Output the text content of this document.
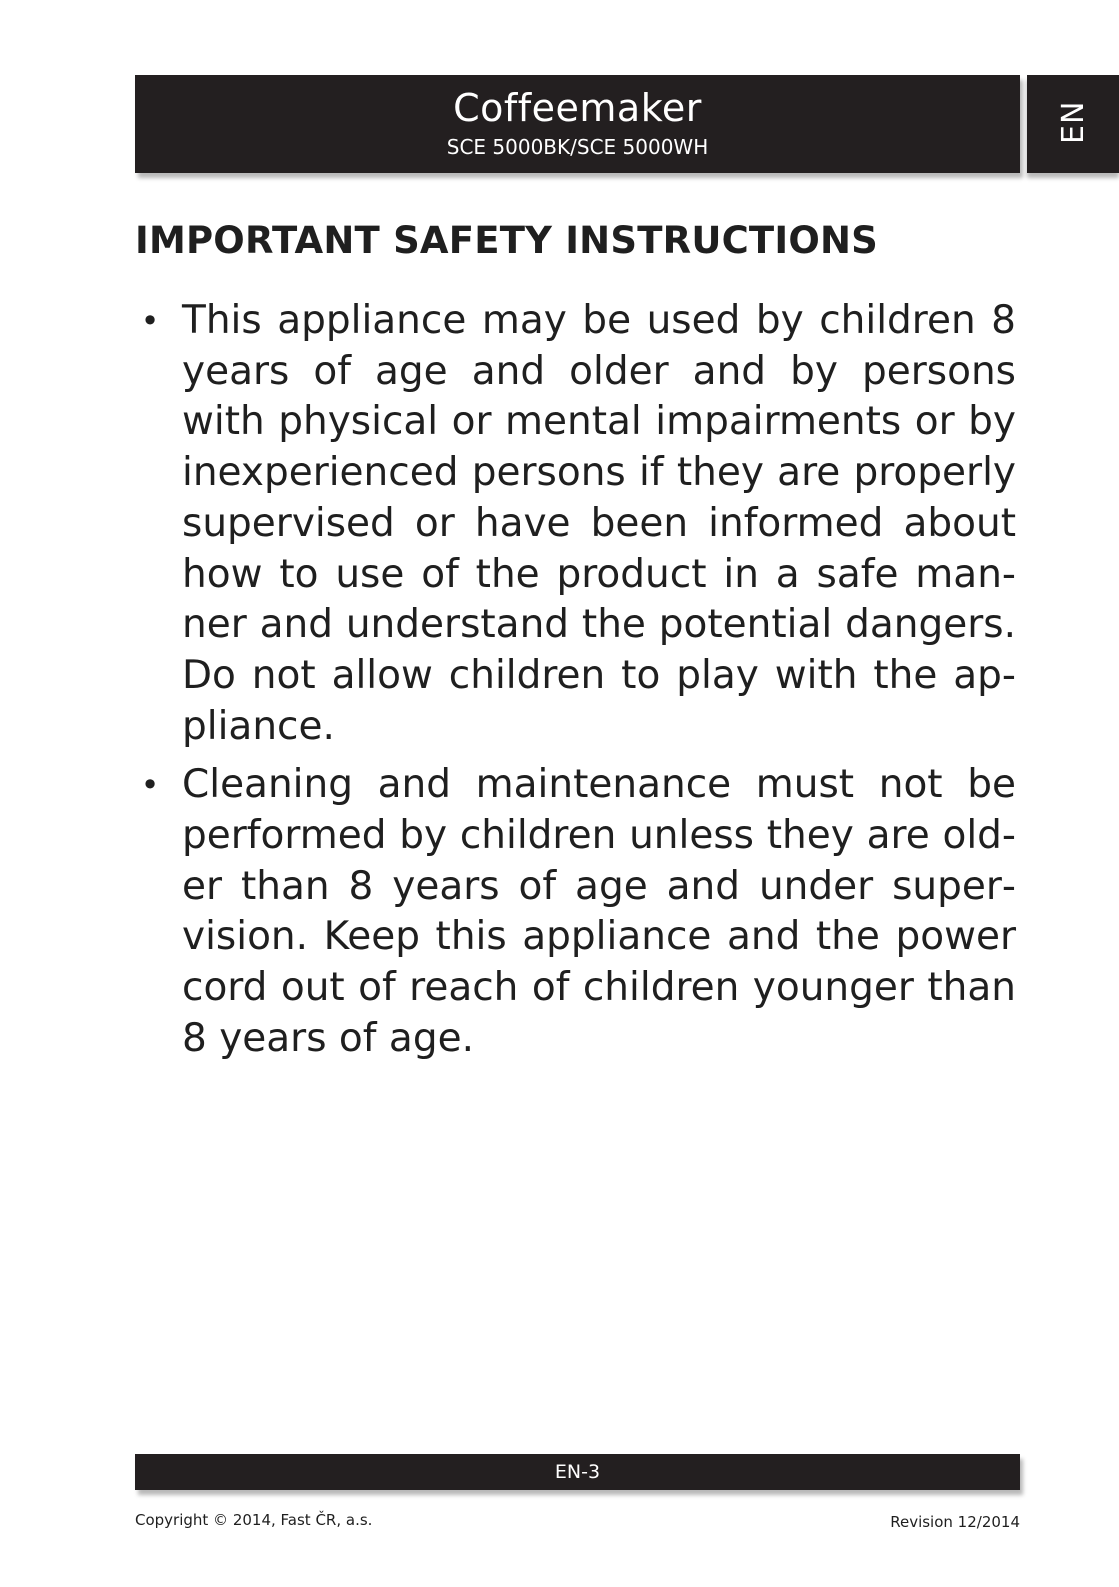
Coffeemaker
SCE 5000BK/SCE 5000WH
EN
IMPORTANT SAFETY INSTRUCTIONS
• This appliance may be used by children 8 years of age and older and by persons with physical or mental impairments or by inexperienced persons if they are properly supervised or have been informed about how to use of the product in a safe manner and understand the potential dangers. Do not allow children to play with the appliance.
• Cleaning and maintenance must not be performed by children unless they are older than 8 years of age and under supervision. Keep this appliance and the power cord out of reach of children younger than 8 years of age.
EN-3
Copyright © 2014, Fast ČR, a.s.	Revision 12/2014
